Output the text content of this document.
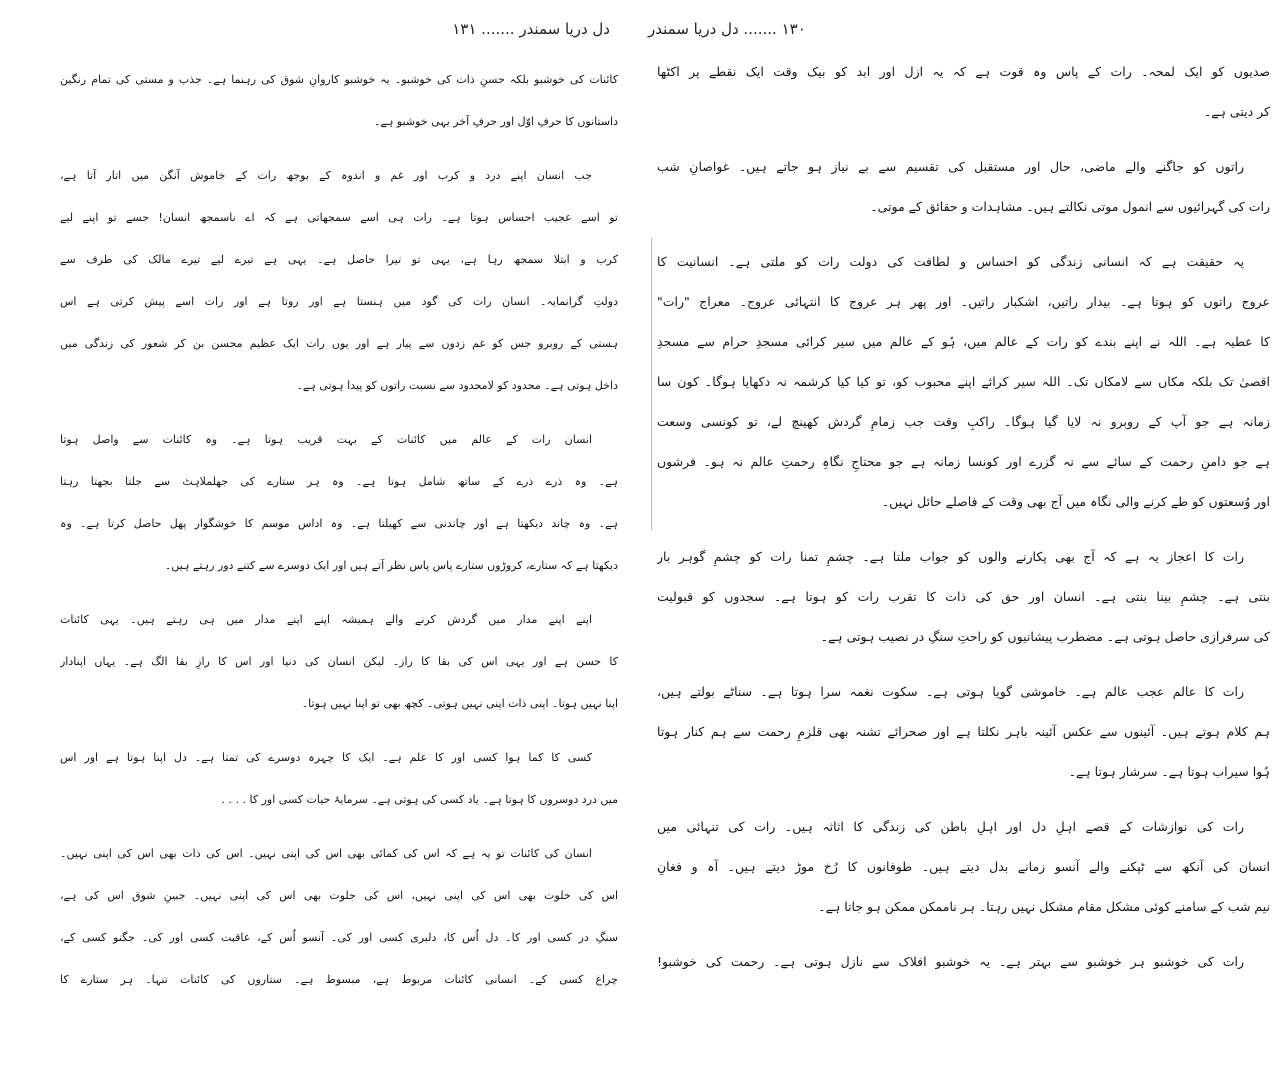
دل دریا سمندر ....... ۱۳۱	۱۳۰ ....... دل دریا سمندر
کائنات کی خوشبو بلکہ حسنِ ذات کی خوشبو۔ یہ خوشبو کاروانِ شوق کی رہنما ہے۔ جذب و مستی کی تمام رنگین
داستانوں کا حرفِ اوّل اور حرفِ آخر یہی خوشبو ہے۔
جب انسان اپنے درد و کرب اور غم و اندوہ کے بوجھ رات کے خاموش آنگن میں اتار آتا ہے،
تو اسے عجیب احساس ہوتا ہے۔ رات ہی اسے سمجھاتی ہے کہ اے ناسمجھ انسان! جسے تو اپنے لیے
کرب و ابتلا سمجھ رہا ہے، یہی تو تیرا حاصل ہے۔ یہی ہے تیرے لیے تیرے مالک کی طرف سے
دولتِ گرانمایہ۔ انسان رات کی گود میں ہنستا ہے اور روتا ہے اور رات اسے پیش کرتی ہے اس
ہستی کے روبرو جس کو غم زدوں سے پیار ہے اور یوں رات ایک عظیم محسن بن کر شعور کی زندگی میں
داخل ہوتی ہے۔ محدود کو لامحدود سے نسبت راتوں کو پیدا ہوتی ہے۔
انسان رات کے عالم میں کائنات کے بہت قریب ہوتا ہے۔ وہ کائنات سے واصل ہوتا
ہے۔ وہ ذرے ذرے کے ساتھ شامل ہوتا ہے۔ وہ ہر ستارے کی جھلملاہٹ سے جلتا بجھتا رہتا
ہے۔ وہ چاند دیکھتا ہے اور چاندنی سے کھیلتا ہے۔ وہ اداس موسم کا خوشگوار پھل حاصل کرتا ہے۔ وہ
دیکھتا ہے کہ ستارے، کروڑوں ستارے پاس پاس نظر آتے ہیں اور ایک دوسرے سے کتنے دور رہتے ہیں۔
اپنے اپنے مدار میں گردش کرنے والے ہمیشہ اپنے اپنے مدار میں ہی رہتے ہیں۔ یہی کائنات
کا حسن ہے اور یہی اس کی بقا کا راز۔ لیکن انسان کی دنیا اور اس کا رازِ بقا الگ ہے۔ یہاں اپنادار
اپنا نہیں ہوتا۔ اپنی ذات اپنی نہیں ہوتی۔ کچھ بھی تو اپنا نہیں ہوتا۔
کسی کا کما ہوا کسی اور کا علم ہے۔ ایک کا چہرہ دوسرے کی تمنا ہے۔ دل اپنا ہوتا ہے اور اس
میں درد دوسروں کا ہوتا ہے۔ یاد کسی کی ہوتی ہے۔ سرمایۂ حیات کسی اور کا . . . .
انسان کی کائنات تو یہ ہے کہ اس کی کمائی بھی اس کی اپنی نہیں۔ اس کی ذات بھی اس کی اپنی نہیں۔
اس کی خلوت بھی اس کی اپنی نہیں، اس کی جلوت بھی اس کی اپنی نہیں۔ جبینِ شوق اس کی ہے،
سنگِ در کسی اور کا۔ دل اُس کا، دلبری کسی اور کی۔ آنسو اُس کے، عاقبت کسی اور کی۔ جگنو کسی کے،
چراغ کسی کے۔ انسانی کائنات مربوط ہے، مبسوط ہے۔ ستاروں کی کائنات تنہا۔ ہر ستارے کا
صدیوں کو ایک لمحہ۔ رات کے پاس وہ قوت ہے کہ یہ ازل اور ابد کو بیک وقت ایک نقطے پر اکٹھا
کر دیتی ہے۔
راتوں کو جاگنے والے ماضی، حال اور مستقبل کی تقسیم سے بے نیاز ہو جاتے ہیں۔ غواصانِ شب
رات کی گہرائیوں سے انمول موتی نکالتے ہیں۔ مشاہدات و حقائق کے موتی۔
یہ حقیقت ہے کہ انسانی زندگی کو احساس و لطافت کی دولت رات کو ملتی ہے۔ انسانیت کا
عروج راتوں کو ہوتا ہے۔ بیدار راتیں، اشکبار راتیں۔ اور پھر ہر عروج کا انتہائی عروج۔ معراج "رات"
کا عطیہ ہے۔ اللہ نے اپنے بندے کو رات کے عالم میں، ہُو کے عالم میں سیر کرائی مسجدِ حرام سے مسجدِ
اقصیٰ تک بلکہ مکاں سے لامکاں تک۔ اللہ سیر کرائے اپنے محبوب کو، تو کیا کیا کرشمہ نہ دکھایا ہوگا۔ کون سا
زمانہ ہے جو آپ کے روبرو نہ لایا گیا ہوگا۔ راکبِ وقت جب زمامِ گردش کھینچ لے، تو کونسی وسعت
ہے جو دامنِ رحمت کے سائے سے نہ گزرے اور کونسا زمانہ ہے جو محتاجِ نگاہِ رحمتِ عالم نہ ہو۔ فرشوں
اور وُسعتوں کو طے کرنے والی نگاہ میں آج بھی وقت کے فاصلے حائل نہیں۔
رات کا اعجاز یہ ہے کہ آج بھی پکارنے والوں کو جواب ملتا ہے۔ چشمِ تمنا رات کو چشمِ گوہر بار
بنتی ہے۔ چشمِ بینا بنتی ہے۔ انسان اور حق کی ذات کا تقرب رات کو ہوتا ہے۔ سجدوں کو قبولیت
کی سرفرازی حاصل ہوتی ہے۔ مضطرب پیشانیوں کو راحتِ سنگِ در نصیب ہوتی ہے۔
رات کا عالم عجب عالم ہے۔ خاموشی گویا ہوتی ہے۔ سکوت نغمہ سرا ہوتا ہے۔ سناٹے بولتے ہیں،
ہم کلام ہوتے ہیں۔ آئینوں سے عکس آئینہ باہر نکلتا ہے اور صحرائے تشنہ بھی قلزمِ رحمت سے ہم کنار ہوتا
ہُوا سیراب ہوتا ہے۔ سرشار ہوتا ہے۔
رات کی نوازشات کے قصے اہلِ دل اور اہلِ باطن کی زندگی کا اثاثہ ہیں۔ رات کی تنہائی میں
انسان کی آنکھ سے ٹپکنے والے آنسو زمانے بدل دیتے ہیں۔ طوفانوں کا رُخ موڑ دیتے ہیں۔ آہ و فغانِ
نیم شب کے سامنے کوئی مشکل مقام مشکل نہیں رہتا۔ ہر ناممکن ممکن ہو جاتا ہے۔
رات کی خوشبو ہر خوشبو سے بہتر ہے۔ یہ خوشبو افلاک سے نازل ہوتی ہے۔ رحمت کی خوشبو!
